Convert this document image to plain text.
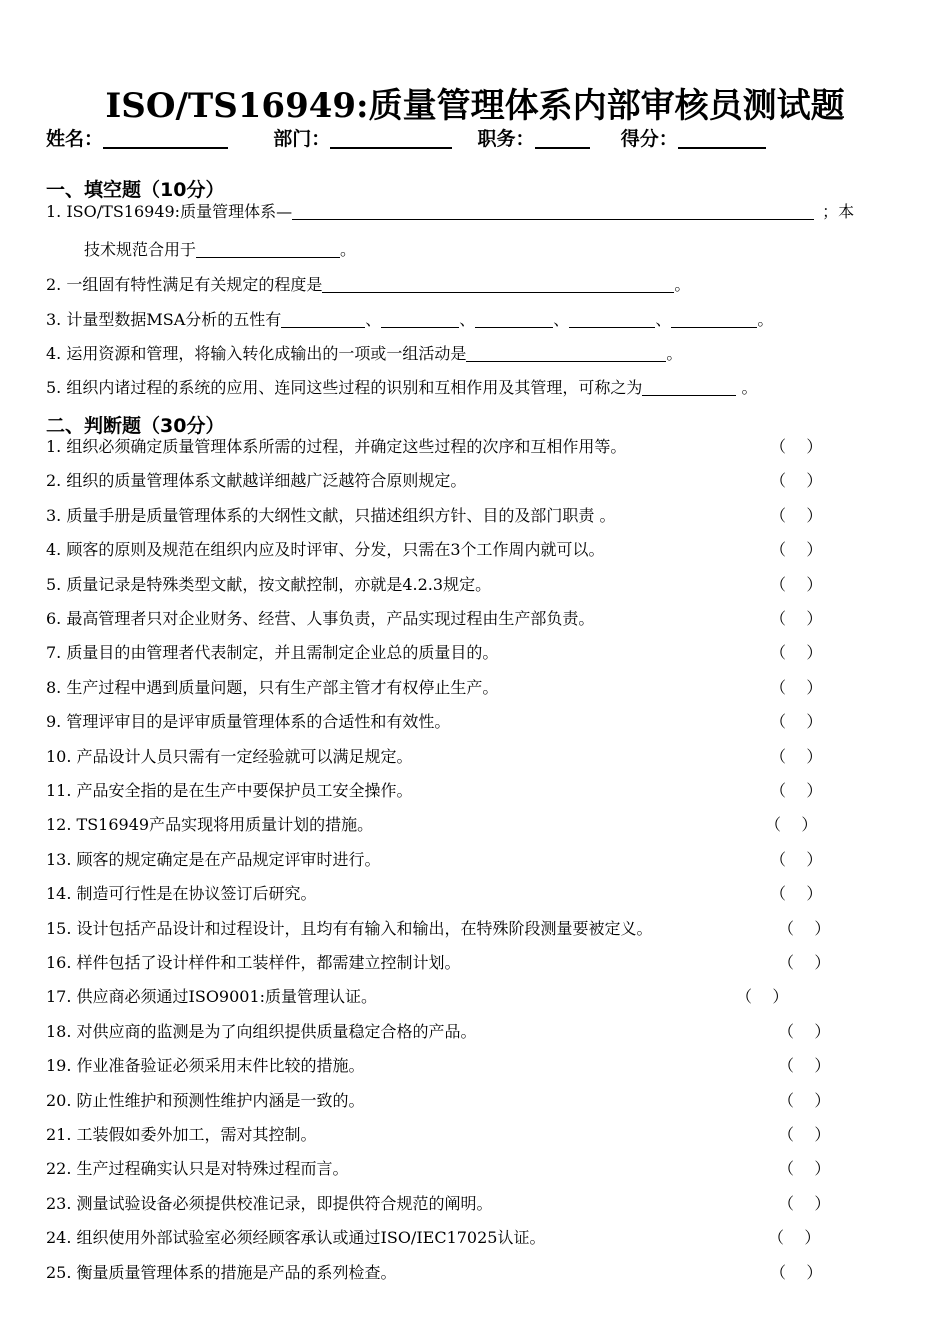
ISO/TS16949:质量管理体系内部审核员测试题
姓名：	部门：	职务：	得分：
一、填空题（10分）
1. ISO/TS16949:质量管理体系—	；本
技术规范合用于	。
2. 一组固有特性满足有关规定的程度是	。
3. 计量型数据MSA分析的五性有	、	、	、	、	。
4. 运用资源和管理，将输入转化成输出的一项或一组活动是	。
5. 组织内诸过程的系统的应用、连同这些过程的识别和互相作用及其管理，可称之为	。
二、判断题（30分）
1. 组织必须确定质量管理体系所需的过程，并确定这些过程的次序和互相作用等。	（    ）
2. 组织的质量管理体系文献越详细越广泛越符合原则规定。	（    ）
3. 质量手册是质量管理体系的大纲性文献，只描述组织方针、目的及部门职责 。	（    ）
4. 顾客的原则及规范在组织内应及时评审、分发，只需在3个工作周内就可以。	（    ）
5. 质量记录是特殊类型文献，按文献控制，亦就是4.2.3规定。	（    ）
6. 最高管理者只对企业财务、经营、人事负责，产品实现过程由生产部负责。	（    ）
7. 质量目的由管理者代表制定，并且需制定企业总的质量目的。	（    ）
8. 生产过程中遇到质量问题，只有生产部主管才有权停止生产。	（    ）
9. 管理评审目的是评审质量管理体系的合适性和有效性。	（    ）
10. 产品设计人员只需有一定经验就可以满足规定。	（    ）
11. 产品安全指的是在生产中要保护员工安全操作。	（    ）
12. TS16949产品实现将用质量计划的措施。	（    ）
13. 顾客的规定确定是在产品规定评审时进行。	（    ）
14. 制造可行性是在协议签订后研究。	（    ）
15. 设计包括产品设计和过程设计，且均有有输入和输出，在特殊阶段测量要被定义。	（    ）
16. 样件包括了设计样件和工装样件，都需建立控制计划。	（    ）
17. 供应商必须通过ISO9001:质量管理认证。	（    ）
18. 对供应商的监测是为了向组织提供质量稳定合格的产品。	（    ）
19. 作业准备验证必须采用末件比较的措施。	（    ）
20. 防止性维护和预测性维护内涵是一致的。	（    ）
21. 工装假如委外加工，需对其控制。	（    ）
22. 生产过程确实认只是对特殊过程而言。	（    ）
23. 测量试验设备必须提供校准记录，即提供符合规范的阐明。	（    ）
24. 组织使用外部试验室必须经顾客承认或通过ISO/IEC17025认证。	（    ）
25. 衡量质量管理体系的措施是产品的系列检查。	（    ）
